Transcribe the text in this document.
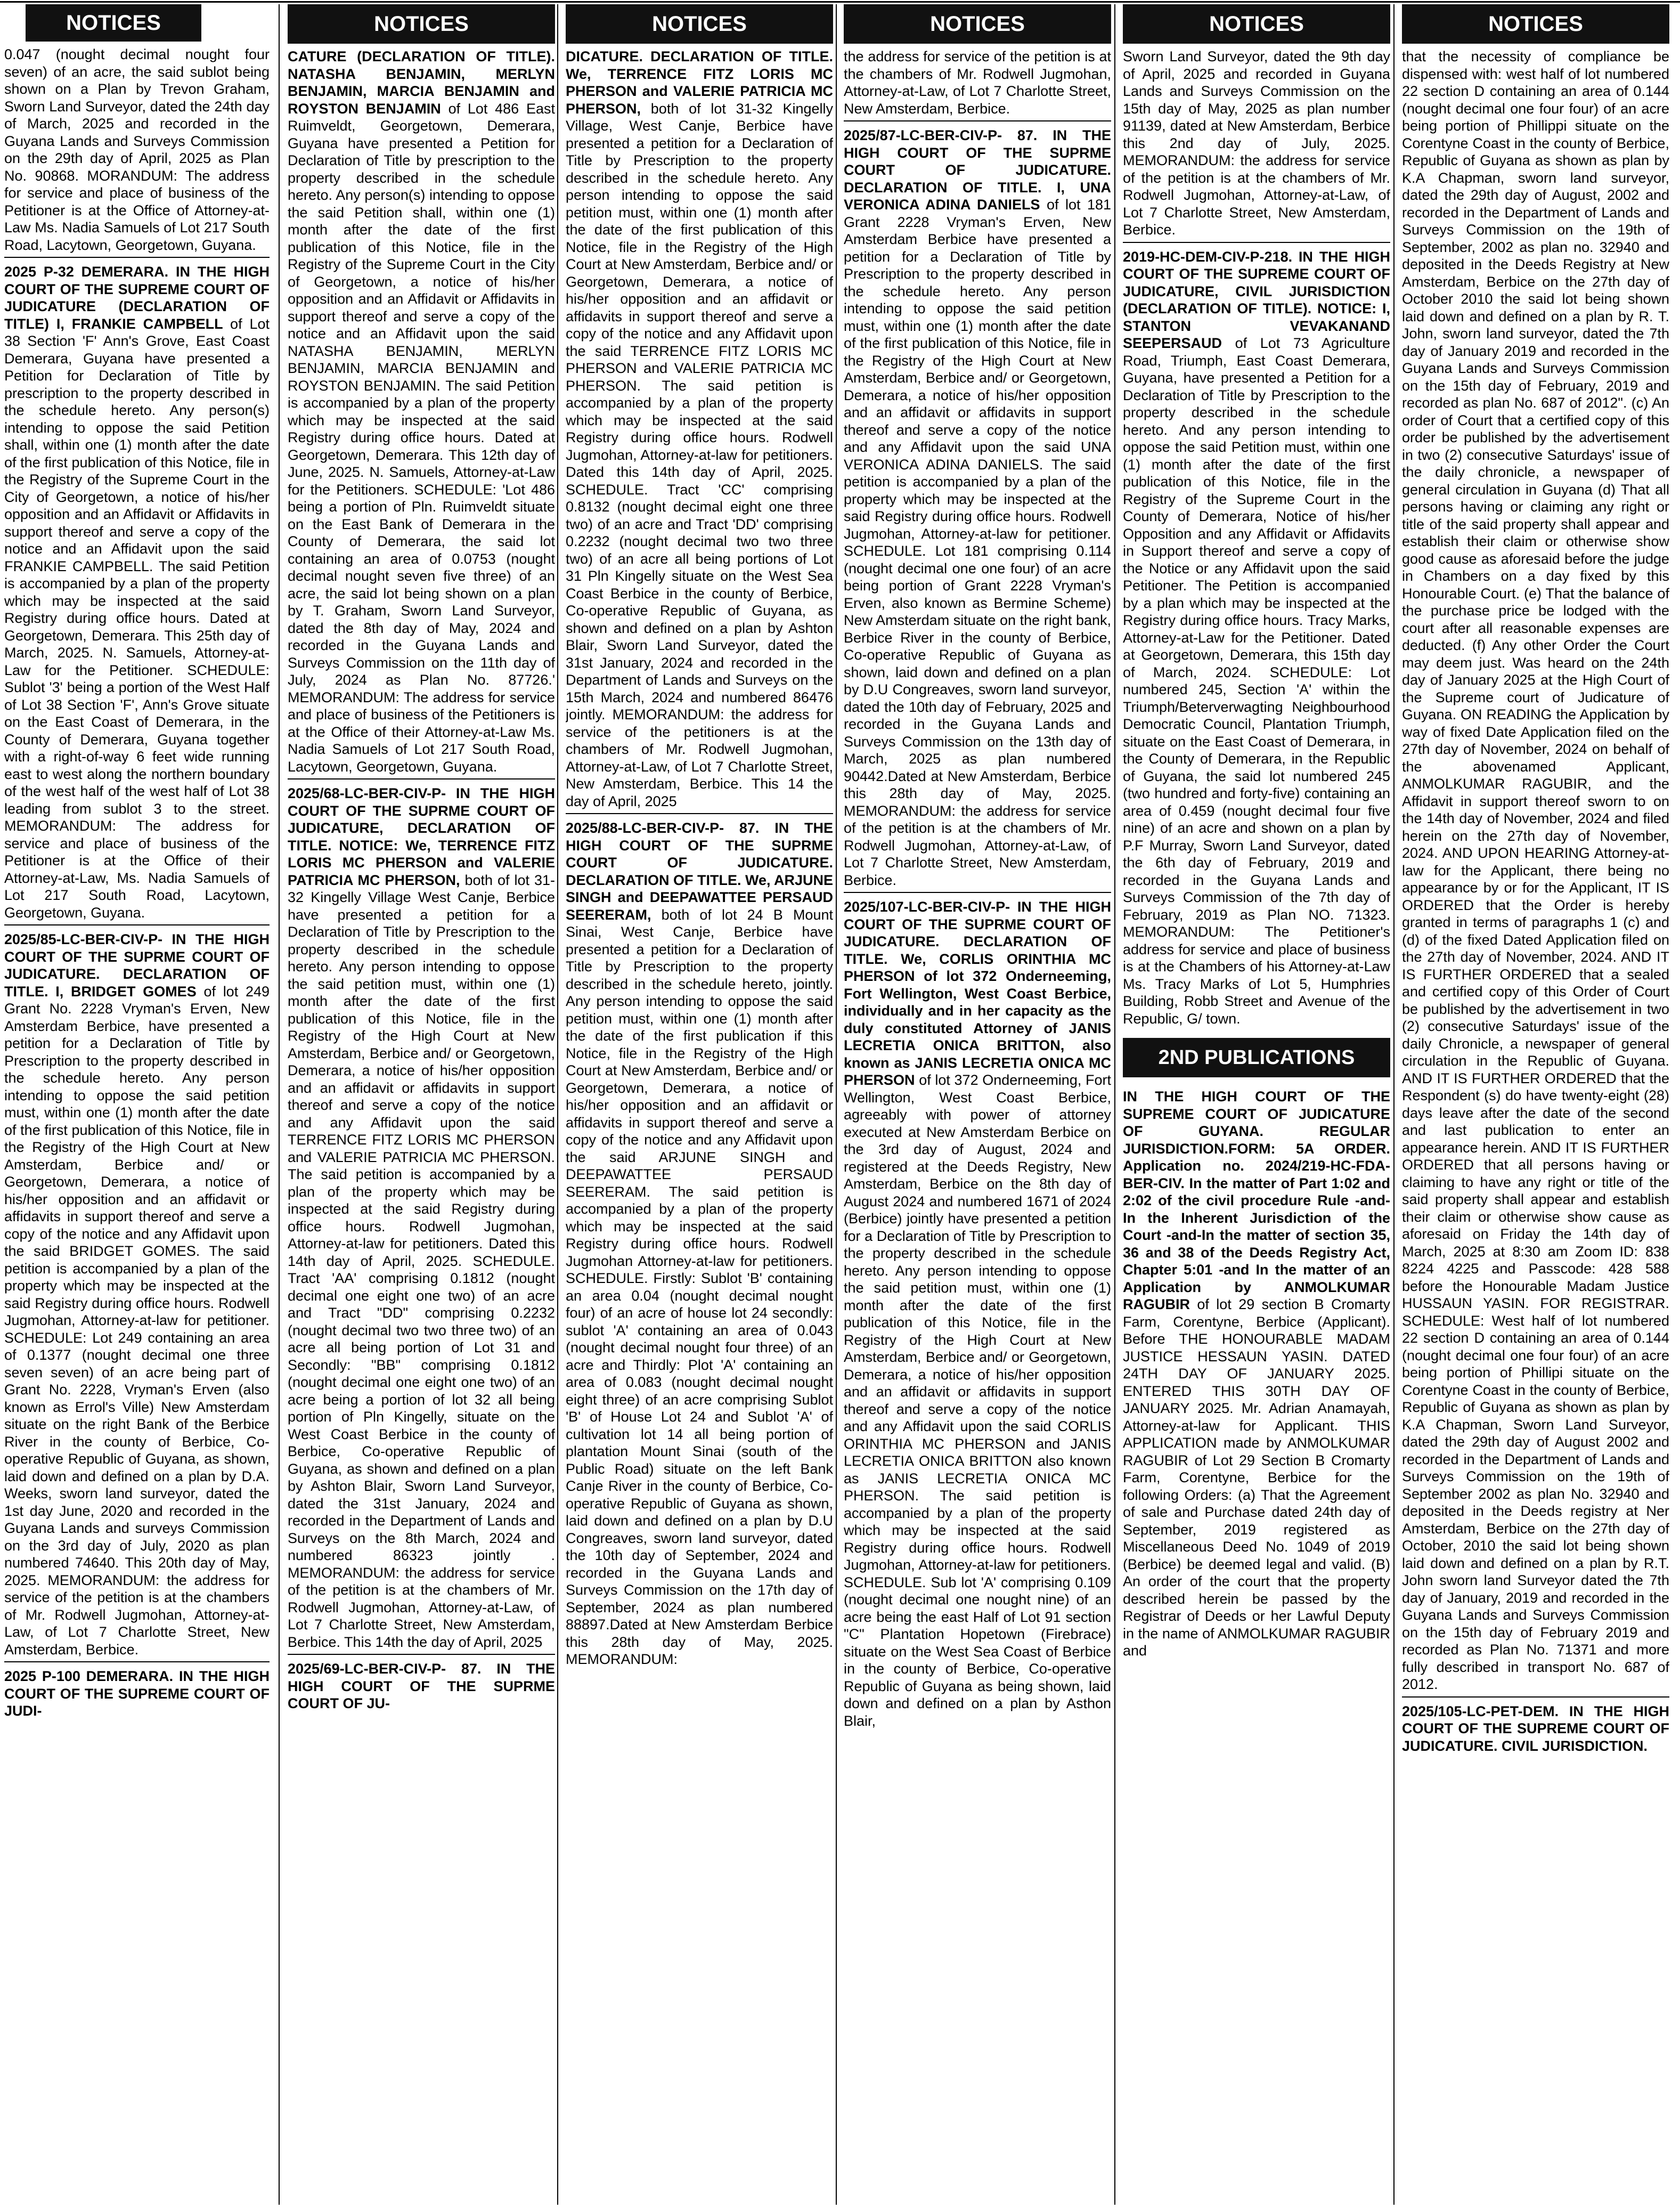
NOTICES
0.047 (nought decimal nought four seven) of an acre, the said sublot being shown on a Plan by Trevon Graham, Sworn Land Surveyor, dated the 24th day of March, 2025 and recorded in the Guyana Lands and Surveys Commission on the 29th day of April, 2025 as Plan No. 90868. MORANDUM: The address for service and place of business of the Petitioner is at the Office of Attorney-at-Law Ms. Nadia Samuels of Lot 217 South Road, Lacytown, Georgetown, Guyana.
2025 P-32 DEMERARA. IN THE HIGH COURT OF THE SUPREME COURT OF JUDICATURE (DECLARATION OF TITLE) I, FRANKIE CAMPBELL of Lot 38 Section 'F' Ann's Grove, East Coast Demerara, Guyana have presented a Petition for Declaration of Title by prescription to the property described in the schedule hereto. Any person(s) intending to oppose the said Petition shall, within one (1) month after the date of the first publication of this Notice, file in the Registry of the Supreme Court in the City of Georgetown, a notice of his/her opposition and an Affidavit or Affidavits in support thereof and serve a copy of the notice and an Affidavit upon the said FRANKIE CAMPBELL. The said Petition is accompanied by a plan of the property which may be inspected at the said Registry during office hours. Dated at Georgetown, Demerara. This 25th day of March, 2025. N. Samuels, Attorney-at-Law for the Petitioner. SCHEDULE: Sublot '3' being a portion of the West Half of Lot 38 Section 'F', Ann's Grove situate on the East Coast of Demerara, in the County of Demerara, Guyana together with a right-of-way 6 feet wide running east to west along the northern boundary of the west half of the west half of Lot 38 leading from sublot 3 to the street. MEMORANDUM: The address for service and place of business of the Petitioner is at the Office of their Attorney-at-Law, Ms. Nadia Samuels of Lot 217 South Road, Lacytown, Georgetown, Guyana.
2025/85-LC-BER-CIV-P- IN THE HIGH COURT OF THE SUPRME COURT OF JUDICATURE. DECLARATION OF TITLE. I, BRIDGET GOMES of lot 249 Grant No. 2228 Vryman's Erven, New Amsterdam Berbice, have presented a petition for a Declaration of Title by Prescription to the property described in the schedule hereto. Any person intending to oppose the said petition must, within one (1) month after the date of the first publication of this Notice, file in the Registry of the High Court at New Amsterdam, Berbice and/ or Georgetown, Demerara, a notice of his/her opposition and an affidavit or affidavits in support thereof and serve a copy of the notice and any Affidavit upon the said BRIDGET GOMES. The said petition is accompanied by a plan of the property which may be inspected at the said Registry during office hours. Rodwell Jugmohan, Attorney-at-law for petitioner. SCHEDULE: Lot 249 containing an area of 0.1377 (nought decimal one three seven seven) of an acre being part of Grant No. 2228, Vryman's Erven (also known as Errol's Ville) New Amsterdam situate on the right Bank of the Berbice River in the county of Berbice, Co-operative Republic of Guyana, as shown, laid down and defined on a plan by D.A. Weeks, sworn land surveyor, dated the 1st day June, 2020 and recorded in the Guyana Lands and surveys Commission on the 3rd day of July, 2020 as plan numbered 74640. This 20th day of May, 2025. MEMORANDUM: the address for service of the petition is at the chambers of Mr. Rodwell Jugmohan, Attorney-at-Law, of Lot 7 Charlotte Street, New Amsterdam, Berbice.
2025 P-100 DEMERARA. IN THE HIGH COURT OF THE SUPREME COURT OF JUDI-
NOTICES
CATURE (DECLARATION OF TITLE). NATASHA BENJAMIN, MERLYN BENJAMIN, MARCIA BENJAMIN and ROYSTON BENJAMIN of Lot 486 East Ruimveldt, Georgetown, Demerara, Guyana have presented a Petition for Declaration of Title by prescription to the property described in the schedule hereto. Any person(s) intending to oppose the said Petition shall, within one (1) month after the date of the first publication of this Notice, file in the Registry of the Supreme Court in the City of Georgetown, a notice of his/her opposition and an Affidavit or Affidavits in support thereof and serve a copy of the notice and an Affidavit upon the said NATASHA BENJAMIN, MERLYN BENJAMIN, MARCIA BENJAMIN and ROYSTON BENJAMIN. The said Petition is accompanied by a plan of the property which may be inspected at the said Registry during office hours. Dated at Georgetown, Demerara. This 12th day of June, 2025. N. Samuels, Attorney-at-Law for the Petitioners. SCHEDULE: 'Lot 486 being a portion of Pln. Ruimveldt situate on the East Bank of Demerara in the County of Demerara, the said lot containing an area of 0.0753 (nought decimal nought seven five three) of an acre, the said lot being shown on a plan by T. Graham, Sworn Land Surveyor, dated the 8th day of May, 2024 and recorded in the Guyana Lands and Surveys Commission on the 11th day of July, 2024 as Plan No. 87726.' MEMORANDUM: The address for service and place of business of the Petitioners is at the Office of their Attorney-at-Law Ms. Nadia Samuels of Lot 217 South Road, Lacytown, Georgetown, Guyana.
2025/68-LC-BER-CIV-P- IN THE HIGH COURT OF THE SUPRME COURT OF JUDICATURE, DECLARATION OF TITLE. NOTICE: We, TERRENCE FITZ LORIS MC PHERSON and VALERIE PATRICIA MC PHERSON, both of lot 31-32 Kingelly Village West Canje, Berbice have presented a petition for a Declaration of Title by Prescription to the property described in the schedule hereto. Any person intending to oppose the said petition must, within one (1) month after the date of the first publication of this Notice, file in the Registry of the High Court at New Amsterdam, Berbice and/ or Georgetown, Demerara, a notice of his/her opposition and an affidavit or affidavits in support thereof and serve a copy of the notice and any Affidavit upon the said TERRENCE FITZ LORIS MC PHERSON and VALERIE PATRICIA MC PHERSON. The said petition is accompanied by a plan of the property which may be inspected at the said Registry during office hours. Rodwell Jugmohan, Attorney-at-law for petitioners. Dated this 14th day of April, 2025. SCHEDULE. Tract 'AA' comprising 0.1812 (nought decimal one eight one two) of an acre and Tract "DD" comprising 0.2232 (nought decimal two two three two) of an acre all being portion of Lot 31 and Secondly: "BB" comprising 0.1812 (nought decimal one eight one two) of an acre being a portion of lot 32 all being portion of Pln Kingelly, situate on the West Coast Berbice in the county of Berbice, Co-operative Republic of Guyana, as shown and defined on a plan by Ashton Blair, Sworn Land Surveyor, dated the 31st January, 2024 and recorded in the Department of Lands and Surveys on the 8th March, 2024 and numbered 86323 jointly . MEMORANDUM: the address for service of the petition is at the chambers of Mr. Rodwell Jugmohan, Attorney-at-Law, of Lot 7 Charlotte Street, New Amsterdam, Berbice. This 14th the day of April, 2025
2025/69-LC-BER-CIV-P- 87. IN THE HIGH COURT OF THE SUPRME COURT OF JU-
NOTICES
DICATURE. DECLARATION OF TITLE. We, TERRENCE FITZ LORIS MC PHERSON and VALERIE PATRICIA MC PHERSON, both of lot 31-32 Kingelly Village, West Canje, Berbice have presented a petition for a Declaration of Title by Prescription to the property described in the schedule hereto. Any person intending to oppose the said petition must, within one (1) month after the date of the first publication of this Notice, file in the Registry of the High Court at New Amsterdam, Berbice and/ or Georgetown, Demerara, a notice of his/her opposition and an affidavit or affidavits in support thereof and serve a copy of the notice and any Affidavit upon the said TERRENCE FITZ LORIS MC PHERSON and VALERIE PATRICIA MC PHERSON. The said petition is accompanied by a plan of the property which may be inspected at the said Registry during office hours. Rodwell Jugmohan, Attorney-at-law for petitioners. Dated this 14th day of April, 2025. SCHEDULE. Tract 'CC' comprising 0.8132 (nought decimal eight one three two) of an acre and Tract 'DD' comprising 0.2232 (nought decimal two two three two) of an acre all being portions of Lot 31 Pln Kingelly situate on the West Sea Coast Berbice in the county of Berbice, Co-operative Republic of Guyana, as shown and defined on a plan by Ashton Blair, Sworn Land Surveyor, dated the 31st January, 2024 and recorded in the Department of Lands and Surveys on the 15th March, 2024 and numbered 86476 jointly. MEMORANDUM: the address for service of the petitioners is at the chambers of Mr. Rodwell Jugmohan, Attorney-at-Law, of Lot 7 Charlotte Street, New Amsterdam, Berbice. This 14 the day of April, 2025
2025/88-LC-BER-CIV-P- 87. IN THE HIGH COURT OF THE SUPRME COURT OF JUDICATURE. DECLARATION OF TITLE. We, ARJUNE SINGH and DEEPAWATTEE PERSAUD SEERERAM, both of lot 24 B Mount Sinai, West Canje, Berbice have presented a petition for a Declaration of Title by Prescription to the property described in the schedule hereto, jointly. Any person intending to oppose the said petition must, within one (1) month after the date of the first publication if this Notice, file in the Registry of the High Court at New Amsterdam, Berbice and/ or Georgetown, Demerara, a notice of his/her opposition and an affidavit or affidavits in support thereof and serve a copy of the notice and any Affidavit upon the said ARJUNE SINGH and DEEPAWATTEE PERSAUD SEERERAM. The said petition is accompanied by a plan of the property which may be inspected at the said Registry during office hours. Rodwell Jugmohan Attorney-at-law for petitioners. SCHEDULE. Firstly: Sublot 'B' containing an area 0.04 (nought decimal nought four) of an acre of house lot 24 secondly: sublot 'A' containing an area of 0.043 (nought decimal nought four three) of an acre and Thirdly: Plot 'A' containing an area of 0.083 (nought decimal nought eight three) of an acre comprising Sublot 'B' of House Lot 24 and Sublot 'A' of cultivation lot 14 all being portion of plantation Mount Sinai (south of the Public Road) situate on the left Bank Canje River in the county of Berbice, Co-operative Republic of Guyana as shown, laid down and defined on a plan by D.U Congreaves, sworn land surveyor, dated the 10th day of September, 2024 and recorded in the Guyana Lands and Surveys Commission on the 17th day of September, 2024 as plan numbered 88897.Dated at New Amsterdam Berbice this 28th day of May, 2025. MEMORANDUM:
NOTICES
the address for service of the petition is at the chambers of Mr. Rodwell Jugmohan, Attorney-at-Law, of Lot 7 Charlotte Street, New Amsterdam, Berbice.
2025/87-LC-BER-CIV-P- 87. IN THE HIGH COURT OF THE SUPRME COURT OF JUDICATURE. DECLARATION OF TITLE. I, UNA VERONICA ADINA DANIELS of lot 181 Grant 2228 Vryman's Erven, New Amsterdam Berbice have presented a petition for a Declaration of Title by Prescription to the property described in the schedule hereto. Any person intending to oppose the said petition must, within one (1) month after the date of the first publication of this Notice, file in the Registry of the High Court at New Amsterdam, Berbice and/ or Georgetown, Demerara, a notice of his/her opposition and an affidavit or affidavits in support thereof and serve a copy of the notice and any Affidavit upon the said UNA VERONICA ADINA DANIELS. The said petition is accompanied by a plan of the property which may be inspected at the said Registry during office hours. Rodwell Jugmohan, Attorney-at-law for petitioner. SCHEDULE. Lot 181 comprising 0.114 (nought decimal one one four) of an acre being portion of Grant 2228 Vryman's Erven, also known as Bermine Scheme) New Amsterdam situate on the right bank, Berbice River in the county of Berbice, Co-operative Republic of Guyana as shown, laid down and defined on a plan by D.U Congreaves, sworn land surveyor, dated the 10th day of February, 2025 and recorded in the Guyana Lands and Surveys Commission on the 13th day of March, 2025 as plan numbered 90442.Dated at New Amsterdam, Berbice this 28th day of May, 2025. MEMORANDUM: the address for service of the petition is at the chambers of Mr. Rodwell Jugmohan, Attorney-at-Law, of Lot 7 Charlotte Street, New Amsterdam, Berbice.
2025/107-LC-BER-CIV-P- IN THE HIGH COURT OF THE SUPRME COURT OF JUDICATURE. DECLARATION OF TITLE. We, CORLIS ORINTHIA MC PHERSON of lot 372 Onderneeming, Fort Wellington, West Coast Berbice, individually and in her capacity as the duly constituted Attorney of JANIS LECRETIA ONICA BRITTON, also known as JANIS LECRETIA ONICA MC PHERSON of lot 372 Onderneeming, Fort Wellington, West Coast Berbice, agreeably with power of attorney executed at New Amsterdam Berbice on the 3rd day of August, 2024 and registered at the Deeds Registry, New Amsterdam, Berbice on the 8th day of August 2024 and numbered 1671 of 2024 (Berbice) jointly have presented a petition for a Declaration of Title by Prescription to the property described in the schedule hereto. Any person intending to oppose the said petition must, within one (1) month after the date of the first publication of this Notice, file in the Registry of the High Court at New Amsterdam, Berbice and/ or Georgetown, Demerara, a notice of his/her opposition and an affidavit or affidavits in support thereof and serve a copy of the notice and any Affidavit upon the said CORLIS ORINTHIA MC PHERSON and JANIS LECRETIA ONICA BRITTON also known as JANIS LECRETIA ONICA MC PHERSON. The said petition is accompanied by a plan of the property which may be inspected at the said Registry during office hours. Rodwell Jugmohan, Attorney-at-law for petitioners. SCHEDULE. Sub lot 'A' comprising 0.109 (nought decimal one nought nine) of an acre being the east Half of Lot 91 section "C" Plantation Hopetown (Firebrace) situate on the West Sea Coast of Berbice in the county of Berbice, Co-operative Republic of Guyana as being shown, laid down and defined on a plan by Asthon Blair,
NOTICES
Sworn Land Surveyor, dated the 9th day of April, 2025 and recorded in Guyana Lands and Surveys Commission on the 15th day of May, 2025 as plan number 91139, dated at New Amsterdam, Berbice this 2nd day of July, 2025. MEMORANDUM: the address for service of the petition is at the chambers of Mr. Rodwell Jugmohan, Attorney-at-Law, of Lot 7 Charlotte Street, New Amsterdam, Berbice.
2019-HC-DEM-CIV-P-218. IN THE HIGH COURT OF THE SUPREME COURT OF JUDICATURE, CIVIL JURISDICTION (DECLARATION OF TITLE). NOTICE: I, STANTON VEVAKANAND SEEPERSAUD of Lot 73 Agriculture Road, Triumph, East Coast Demerara, Guyana, have presented a Petition for a Declaration of Title by Prescription to the property described in the schedule hereto. And any person intending to oppose the said Petition must, within one (1) month after the date of the first publication of this Notice, file in the Registry of the Supreme Court in the County of Demerara, Notice of his/her Opposition and any Affidavit or Affidavits in Support thereof and serve a copy of the Notice or any Affidavit upon the said Petitioner. The Petition is accompanied by a plan which may be inspected at the Registry during office hours. Tracy Marks, Attorney-at-Law for the Petitioner. Dated at Georgetown, Demerara, this 15th day of March, 2024. SCHEDULE: Lot numbered 245, Section 'A' within the Triumph/Beterverwagting Neighbourhood Democratic Council, Plantation Triumph, situate on the East Coast of Demerara, in the County of Demerara, in the Republic of Guyana, the said lot numbered 245 (two hundred and forty-five) containing an area of 0.459 (nought decimal four five nine) of an acre and shown on a plan by P.F Murray, Sworn Land Surveyor, dated the 6th day of February, 2019 and recorded in the Guyana Lands and Surveys Commission of the 7th day of February, 2019 as Plan NO. 71323. MEMORANDUM: The Petitioner's address for service and place of business is at the Chambers of his Attorney-at-Law Ms. Tracy Marks of Lot 5, Humphries Building, Robb Street and Avenue of the Republic, G/ town.
2ND PUBLICATIONS
IN THE HIGH COURT OF THE SUPREME COURT OF JUDICATURE OF GUYANA. REGULAR JURISDICTION.FORM: 5A ORDER. Application no. 2024/219-HC-FDA-BER-CIV. In the matter of Part 1:02 and 2:02 of the civil procedure Rule -and- In the Inherent Jurisdiction of the Court -and-In the matter of section 35, 36 and 38 of the Deeds Registry Act, Chapter 5:01 -and In the matter of an Application by ANMOLKUMAR RAGUBIR of lot 29 section B Cromarty Farm, Corentyne, Berbice (Applicant). Before THE HONOURABLE MADAM JUSTICE HESSAUN YASIN. DATED 24TH DAY OF JANUARY 2025. ENTERED THIS 30TH DAY OF JANUARY 2025. Mr. Adrian Anamayah, Attorney-at-law for Applicant. THIS APPLICATION made by ANMOLKUMAR RAGUBIR of Lot 29 Section B Cromarty Farm, Corentyne, Berbice for the following Orders: (a) That the Agreement of sale and Purchase dated 24th day of September, 2019 registered as Miscellaneous Deed No. 1049 of 2019 (Berbice) be deemed legal and valid. (B) An order of the court that the property described herein be passed by the Registrar of Deeds or her Lawful Deputy in the name of ANMOLKUMAR RAGUBIR and
NOTICES
that the necessity of compliance be dispensed with: west half of lot numbered 22 section D containing an area of 0.144 (nought decimal one four four) of an acre being portion of Phillippi situate on the Corentyne Coast in the county of Berbice, Republic of Guyana as shown as plan by K.A Chapman, sworn land surveyor, dated the 29th day of August, 2002 and recorded in the Department of Lands and Surveys Commission on the 19th of September, 2002 as plan no. 32940 and deposited in the Deeds Registry at New Amsterdam, Berbice on the 27th day of October 2010 the said lot being shown laid down and defined on a plan by R. T. John, sworn land surveyor, dated the 7th day of January 2019 and recorded in the Guyana Lands and Surveys Commission on the 15th day of February, 2019 and recorded as plan No. 687 of 2012". (c) An order of Court that a certified copy of this order be published by the advertisement in two (2) consecutive Saturdays' issue of the daily chronicle, a newspaper of general circulation in Guyana (d) That all persons having or claiming any right or title of the said property shall appear and establish their claim or otherwise show good cause as aforesaid before the judge in Chambers on a day fixed by this Honourable Court. (e) That the balance of the purchase price be lodged with the court after all reasonable expenses are deducted. (f) Any other Order the Court may deem just. Was heard on the 24th day of January 2025 at the High Court of the Supreme court of Judicature of Guyana. ON READING the Application by way of fixed Date Application filed on the 27th day of November, 2024 on behalf of the abovenamed Applicant, ANMOLKUMAR RAGUBIR, and the Affidavit in support thereof sworn to on the 14th day of November, 2024 and filed herein on the 27th day of November, 2024. AND UPON HEARING Attorney-at-law for the Applicant, there being no appearance by or for the Applicant, IT IS ORDERED that the Order is hereby granted in terms of paragraphs 1 (c) and (d) of the fixed Dated Application filed on the 27th day of November, 2024. AND IT IS FURTHER ORDERED that a sealed and certified copy of this Order of Court be published by the advertisement in two (2) consecutive Saturdays' issue of the daily Chronicle, a newspaper of general circulation in the Republic of Guyana. AND IT IS FURTHER ORDERED that the Respondent (s) do have twenty-eight (28) days leave after the date of the second and last publication to enter an appearance herein. AND IT IS FURTHER ORDERED that all persons having or claiming to have any right or title of the said property shall appear and establish their claim or otherwise show cause as aforesaid on Friday the 14th day of March, 2025 at 8:30 am Zoom ID: 838 8224 4225 and Passcode: 428 588 before the Honourable Madam Justice HUSSAUN YASIN. FOR REGISTRAR. SCHEDULE: West half of lot numbered 22 section D containing an area of 0.144 (nought decimal one four four) of an acre being portion of Phillipi situate on the Corentyne Coast in the county of Berbice, Republic of Guyana as shown as plan by K.A Chapman, Sworn Land Surveyor, dated the 29th day of August 2002 and recorded in the Department of Lands and Surveys Commission on the 19th of September 2002 as plan No. 32940 and deposited in the Deeds registry at Ner Amsterdam, Berbice on the 27th day of October, 2010 the said lot being shown laid down and defined on a plan by R.T. John sworn land Surveyor dated the 7th day of January, 2019 and recorded in the Guyana Lands and Surveys Commission on the 15th day of February 2019 and recorded as Plan No. 71371 and more fully described in transport No. 687 of 2012.
2025/105-LC-PET-DEM. IN THE HIGH COURT OF THE SUPREME COURT OF JUDICATURE. CIVIL JURISDICTION.
